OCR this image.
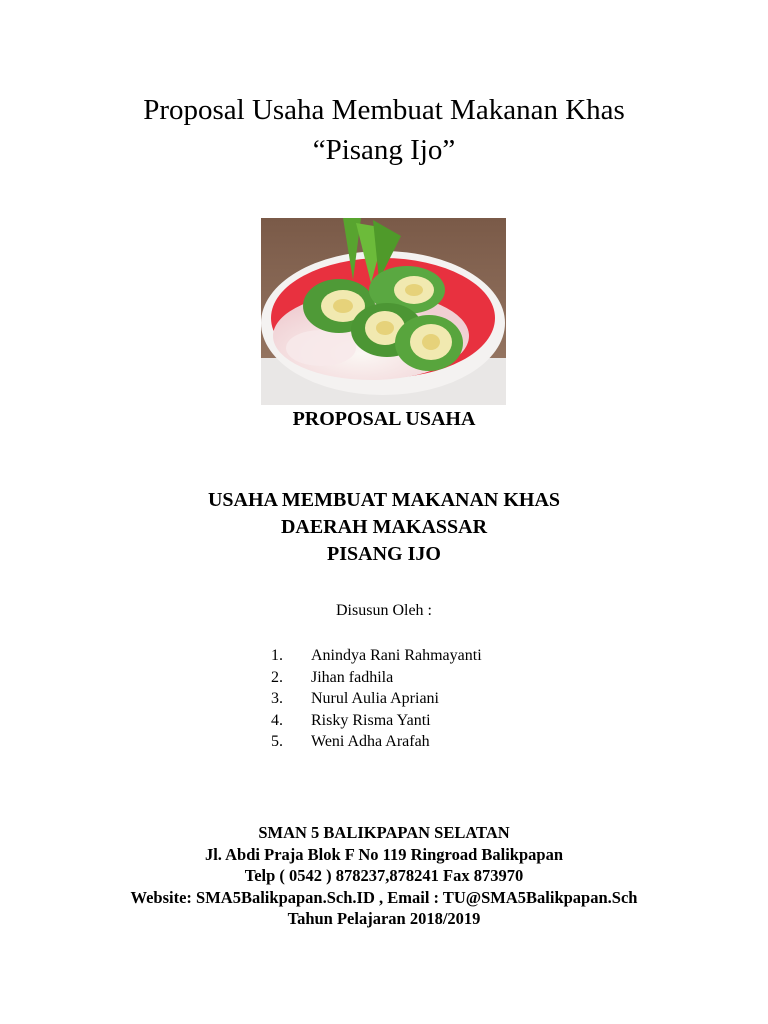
Proposal Usaha Membuat Makanan Khas
“Pisang Ijo”
PROPOSAL USAHA
USAHA MEMBUAT MAKANAN KHAS
DAERAH MAKASSAR
PISANG IJO
Disusun Oleh :
1.	Anindya Rani Rahmayanti
2.	Jihan fadhila
3.	Nurul Aulia Apriani
4.	Risky Risma Yanti
5.	Weni Adha Arafah
SMAN 5 BALIKPAPAN SELATAN
Jl. Abdi Praja Blok F No 119 Ringroad Balikpapan
Telp ( 0542 ) 878237,878241 Fax 873970
Website: SMA5Balikpapan.Sch.ID , Email : TU@SMA5Balikpapan.Sch
Tahun Pelajaran 2018/2019
